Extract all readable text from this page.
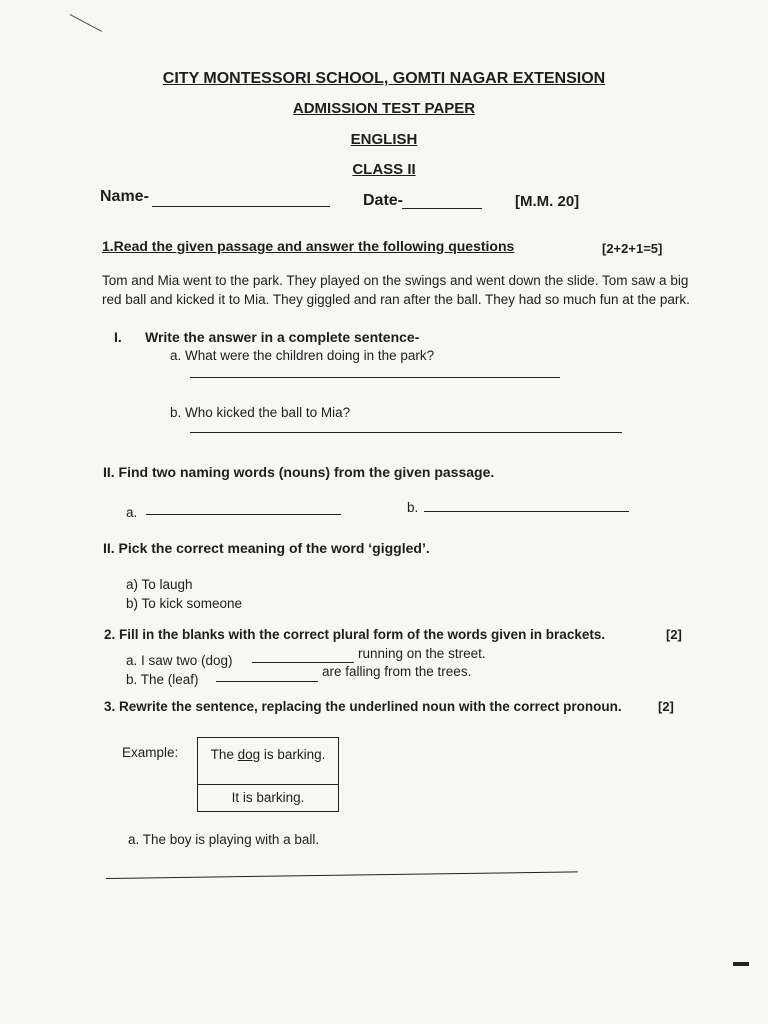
CITY MONTESSORI SCHOOL, GOMTI NAGAR EXTENSION
ADMISSION TEST PAPER
ENGLISH
CLASS II
Name-	Date-	[M.M. 20]
1.Read the given passage and answer the following questions	[2+2+1=5]
Tom and Mia went to the park. They played on the swings and went down the slide. Tom saw a big
red ball and kicked it to Mia. They giggled and ran after the ball. They had so much fun at the park.
I. Write the answer in a complete sentence-
a. What were the children doing in the park?
b. Who kicked the ball to Mia?
II. Find two naming words (nouns) from the given passage.
a.	b.
II. Pick the correct meaning of the word ‘giggled’.
a) To laugh
b) To kick someone
2. Fill in the blanks with the correct plural form of the words given in brackets.	[2]
a. I saw two (dog)	running on the street.
b. The (leaf)
are falling from the trees.
3. Rewrite the sentence, replacing the underlined noun with the correct pronoun.	[2]
Example:	The dog is barking.
It is barking.
a. The boy is playing with a ball.
